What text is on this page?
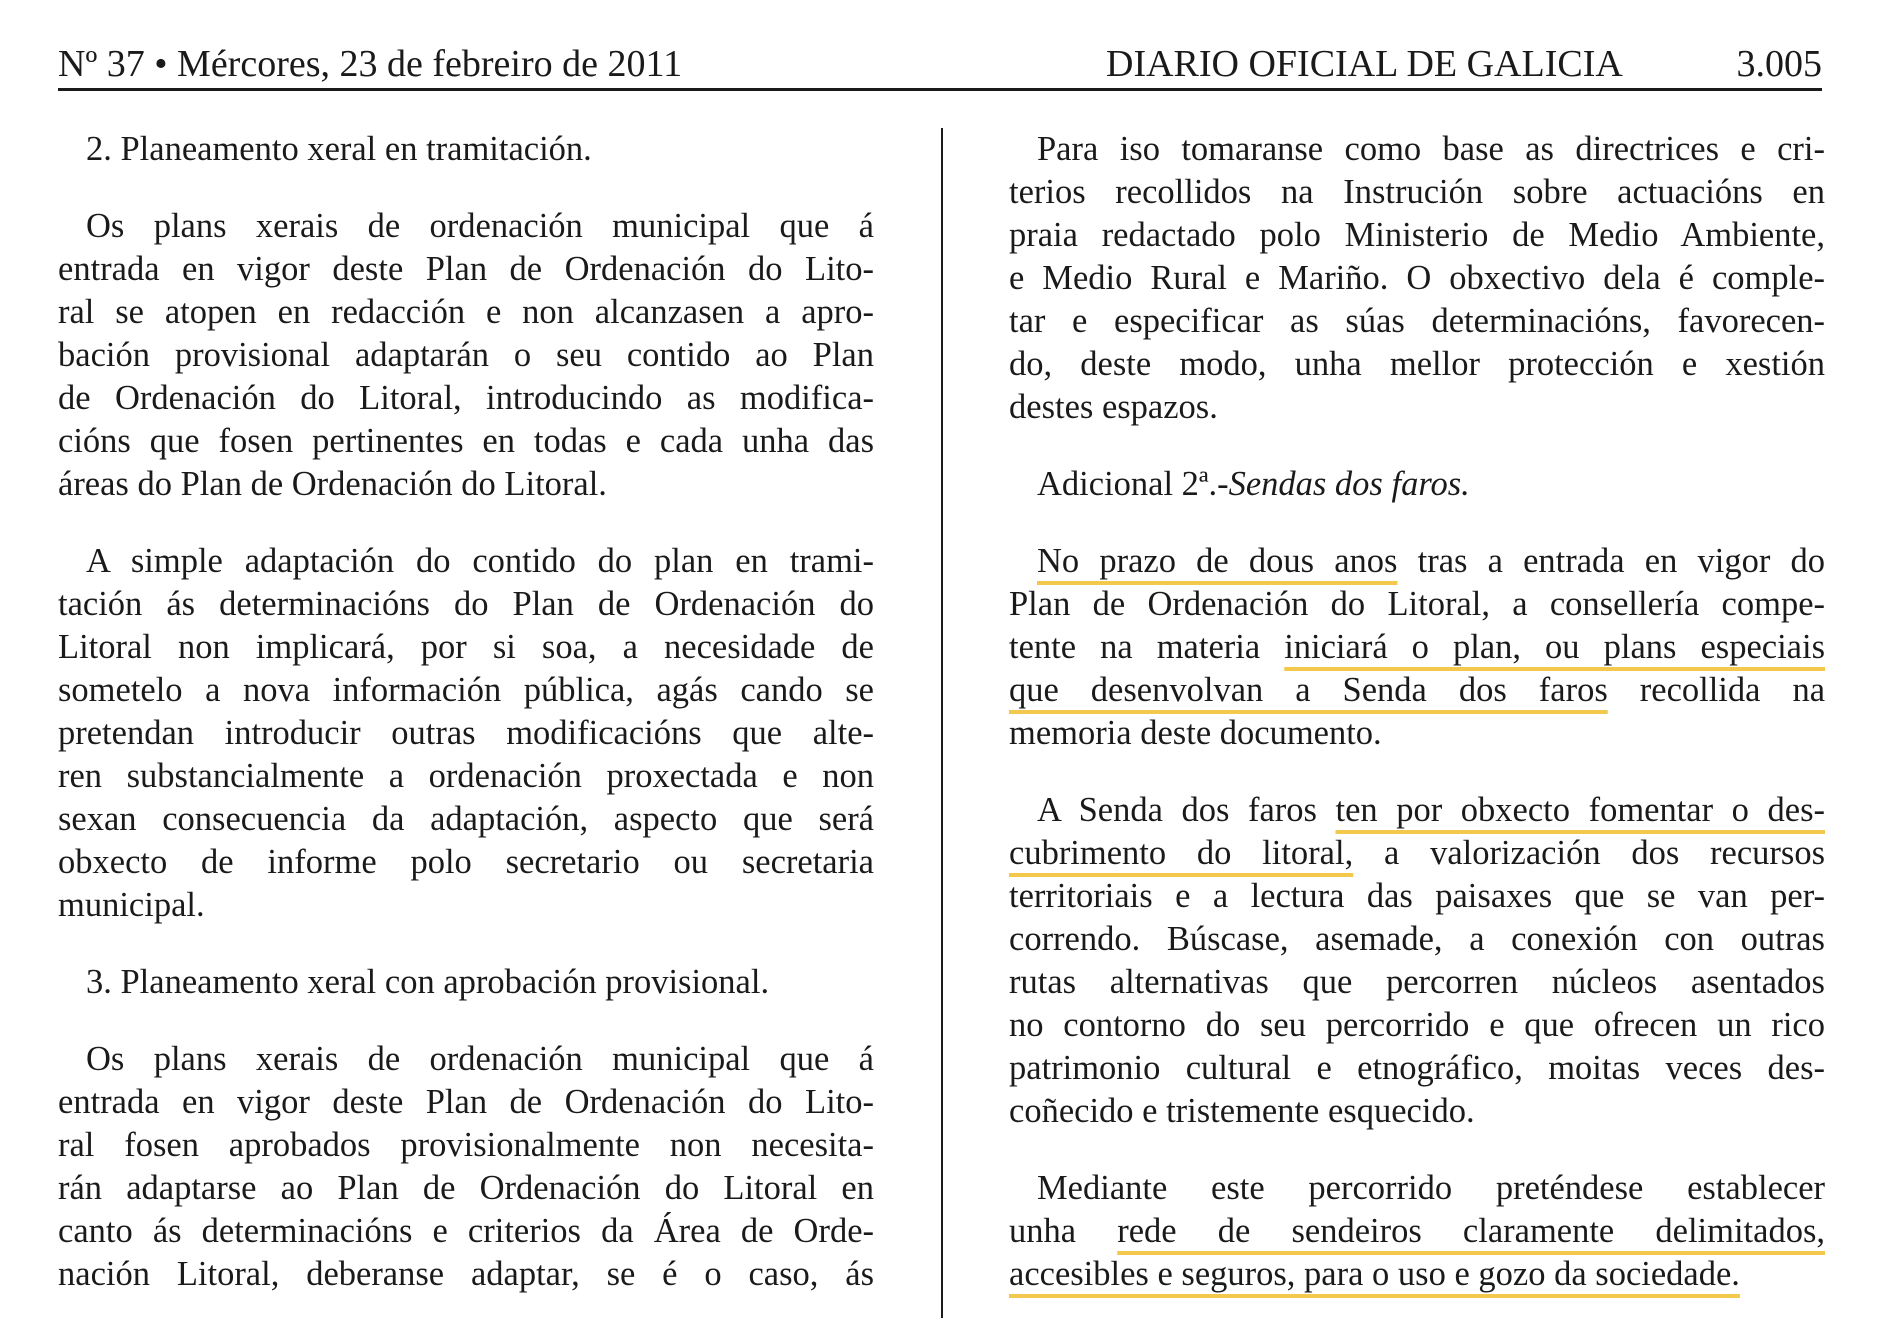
Nº 37 • Mércores, 23 de febreiro de 2011	DIARIO OFICIAL DE GALICIA	3.005
2. Planeamento xeral en tramitación.
Os plans xerais de ordenación municipal que á
entrada en vigor deste Plan de Ordenación do Lito-
ral se atopen en redacción e non alcanzasen a apro-
bación provisional adaptarán o seu contido ao Plan
de Ordenación do Litoral, introducindo as modifica-
cións que fosen pertinentes en todas e cada unha das
áreas do Plan de Ordenación do Litoral.
A simple adaptación do contido do plan en trami-
tación ás determinacións do Plan de Ordenación do
Litoral non implicará, por si soa, a necesidade de
sometelo a nova información pública, agás cando se
pretendan introducir outras modificacións que alte-
ren substancialmente a ordenación proxectada e non
sexan consecuencia da adaptación, aspecto que será
obxecto de informe polo secretario ou secretaria
municipal.
3. Planeamento xeral con aprobación provisional.
Os plans xerais de ordenación municipal que á
entrada en vigor deste Plan de Ordenación do Lito-
ral fosen aprobados provisionalmente non necesita-
rán adaptarse ao Plan de Ordenación do Litoral en
canto ás determinacións e criterios da Área de Orde-
nación Litoral, deberanse adaptar, se é o caso, ás
Para iso tomaranse como base as directrices e cri-
terios recollidos na Instrución sobre actuacións en
praia redactado polo Ministerio de Medio Ambiente,
e Medio Rural e Mariño. O obxectivo dela é comple-
tar e especificar as súas determinacións, favorecen-
do, deste modo, unha mellor protección e xestión
destes espazos.
Adicional 2ª.-Sendas dos faros.
No prazo de dous anos tras a entrada en vigor do
Plan de Ordenación do Litoral, a consellería compe-
tente na materia iniciará o plan, ou plans especiais
que desenvolvan a Senda dos faros recollida na
memoria deste documento.
A Senda dos faros ten por obxecto fomentar o des-
cubrimento do litoral, a valorización dos recursos
territoriais e a lectura das paisaxes que se van per-
correndo. Búscase, asemade, a conexión con outras
rutas alternativas que percorren núcleos asentados
no contorno do seu percorrido e que ofrecen un rico
patrimonio cultural e etnográfico, moitas veces des-
coñecido e tristemente esquecido.
Mediante este percorrido preténdese establecer
unha rede de sendeiros claramente delimitados,
accesibles e seguros, para o uso e gozo da sociedade.
